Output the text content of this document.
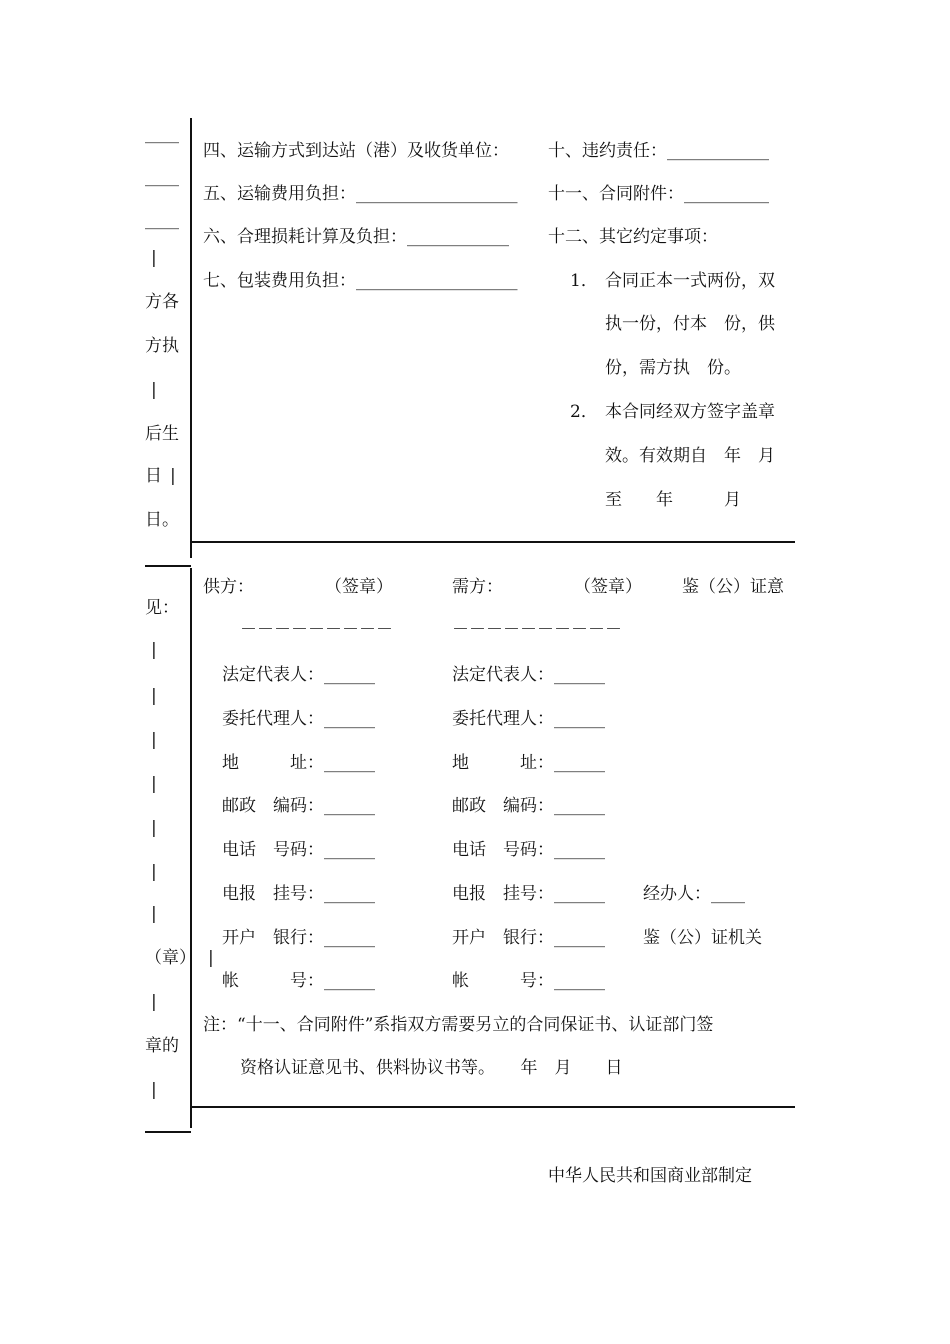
____
____
____
|
|
|
|
|
|
|
|
|
|
|
|
|
方各
方执
后生
日
日。
见：
（章）
章的
四、运输方式到达站（港）及收货单位： 十、违约责任：____________
五、运输费用负担：___________________ 十一、合同附件：__________
六、合理损耗计算及负担：____________ 十二、其它约定事项：
七、包装费用负担：___________________	1． 合同正本一式两份，双
执一份，付本　份，供
份，需方执　份。
2． 本合同经双方签字盖章
效。有效期自　年　月
至　　年　　　月
供方：	（签章）	需方：	（签章） 鉴（公）证意
－－－－－－－－－	－－－－－－－－－－
法定代表人：______	法定代表人：______
委托代理人：______	委托代理人：______
地　　　址：______	地　　　址：______
邮政　编码：______	邮政　编码：______
电话　号码：______	电话　号码：______
电报　挂号：______	电报　挂号：______ 经办人：____
开户　银行：______	开户　银行：______ 鉴（公）证机关
帐　　　号：______	帐　　　号：______
注：“十一、合同附件”系指双方需要另立的合同保证书、认证部门签
资格认证意见书、供料协议书等。　　年　月　　日
中华人民共和国商业部制定
